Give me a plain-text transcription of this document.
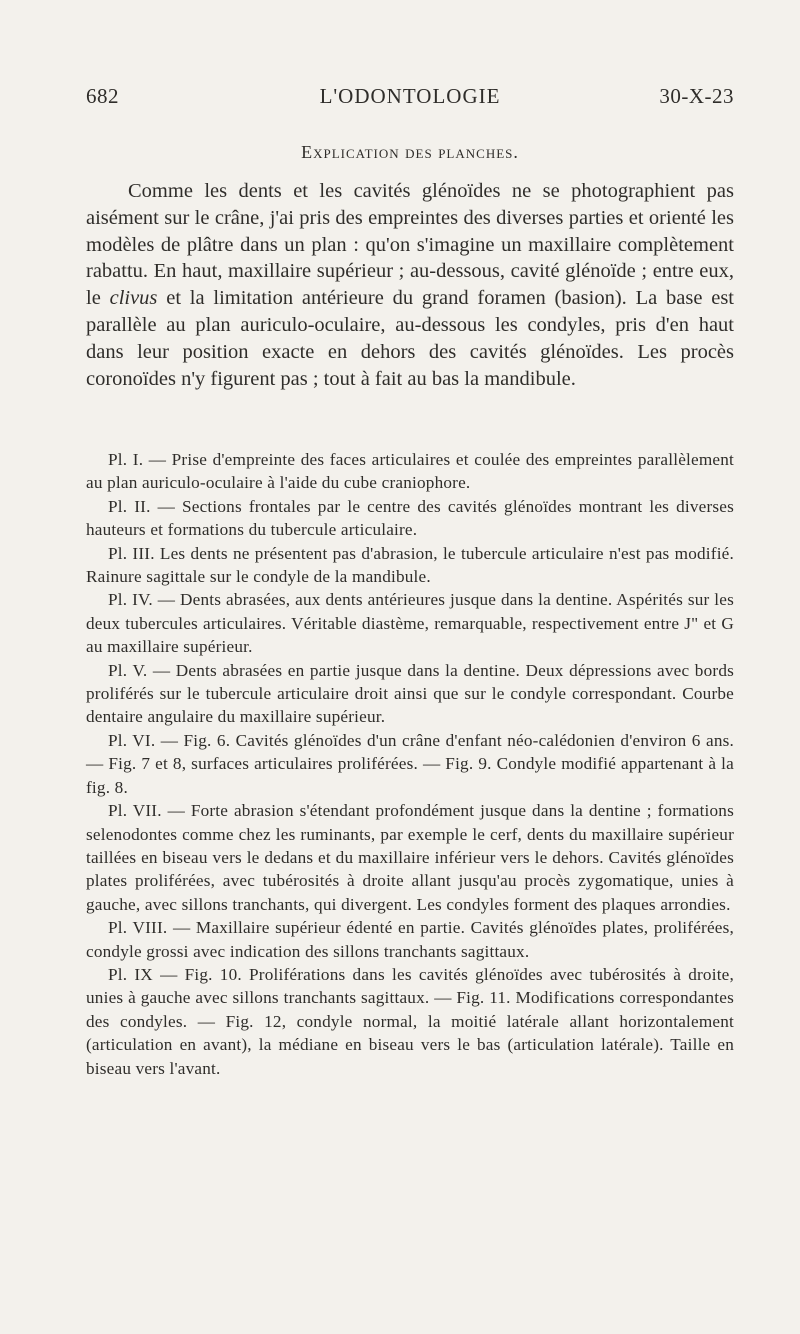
682	L'ODONTOLOGIE	30-X-23
Explication des planches.

Comme les dents et les cavités glénoïdes ne se photographient pas aisément sur le crâne, j'ai pris des empreintes des diverses parties et orienté les modèles de plâtre dans un plan : qu'on s'imagine un maxillaire complètement rabattu. En haut, maxillaire supérieur ; au-dessous, cavité glénoïde ; entre eux, le clivus et la limitation antérieure du grand foramen (basion). La base est parallèle au plan auriculo-oculaire, au-dessous les condyles, pris d'en haut dans leur position exacte en dehors des cavités glénoïdes. Les procès coronoïdes n'y figurent pas ; tout à fait au bas la mandibule.

Pl. I. — Prise d'empreinte des faces articulaires et coulée des empreintes parallèlement au plan auriculo-oculaire à l'aide du cube craniophore.

Pl. II. — Sections frontales par le centre des cavités glénoïdes montrant les diverses hauteurs et formations du tubercule articulaire.

Pl. III. Les dents ne présentent pas d'abrasion, le tubercule articulaire n'est pas modifié. Rainure sagittale sur le condyle de la mandibule.

Pl. IV. — Dents abrasées, aux dents antérieures jusque dans la dentine. Aspérités sur les deux tubercules articulaires. Véritable diastème, remarquable, respectivement entre J" et G au maxillaire supérieur.

Pl. V. — Dents abrasées en partie jusque dans la dentine. Deux dépressions avec bords proliférés sur le tubercule articulaire droit ainsi que sur le condyle correspondant. Courbe dentaire angulaire du maxillaire supérieur.

Pl. VI. — Fig. 6. Cavités glénoïdes d'un crâne d'enfant néo-calédonien d'environ 6 ans. — Fig. 7 et 8, surfaces articulaires proliférées. — Fig. 9. Condyle modifié appartenant à la fig. 8.

Pl. VII. — Forte abrasion s'étendant profondément jusque dans la dentine ; formations selenodontes comme chez les ruminants, par exemple le cerf, dents du maxillaire supérieur taillées en biseau vers le dedans et du maxillaire inférieur vers le dehors. Cavités glénoïdes plates proliférées, avec tubérosités à droite allant jusqu'au procès zygomatique, unies à gauche, avec sillons tranchants, qui divergent. Les condyles forment des plaques arrondies.

Pl. VIII. — Maxillaire supérieur édenté en partie. Cavités glénoïdes plates, proliférées, condyle grossi avec indication des sillons tranchants sagittaux.

Pl. IX — Fig. 10. Proliférations dans les cavités glénoïdes avec tubérosités à droite, unies à gauche avec sillons tranchants sagittaux. — Fig. 11. Modifications correspondantes des condyles. — Fig. 12, condyle normal, la moitié latérale allant horizontalement (articulation en avant), la médiane en biseau vers le bas (articulation latérale). Taille en biseau vers l'avant.
